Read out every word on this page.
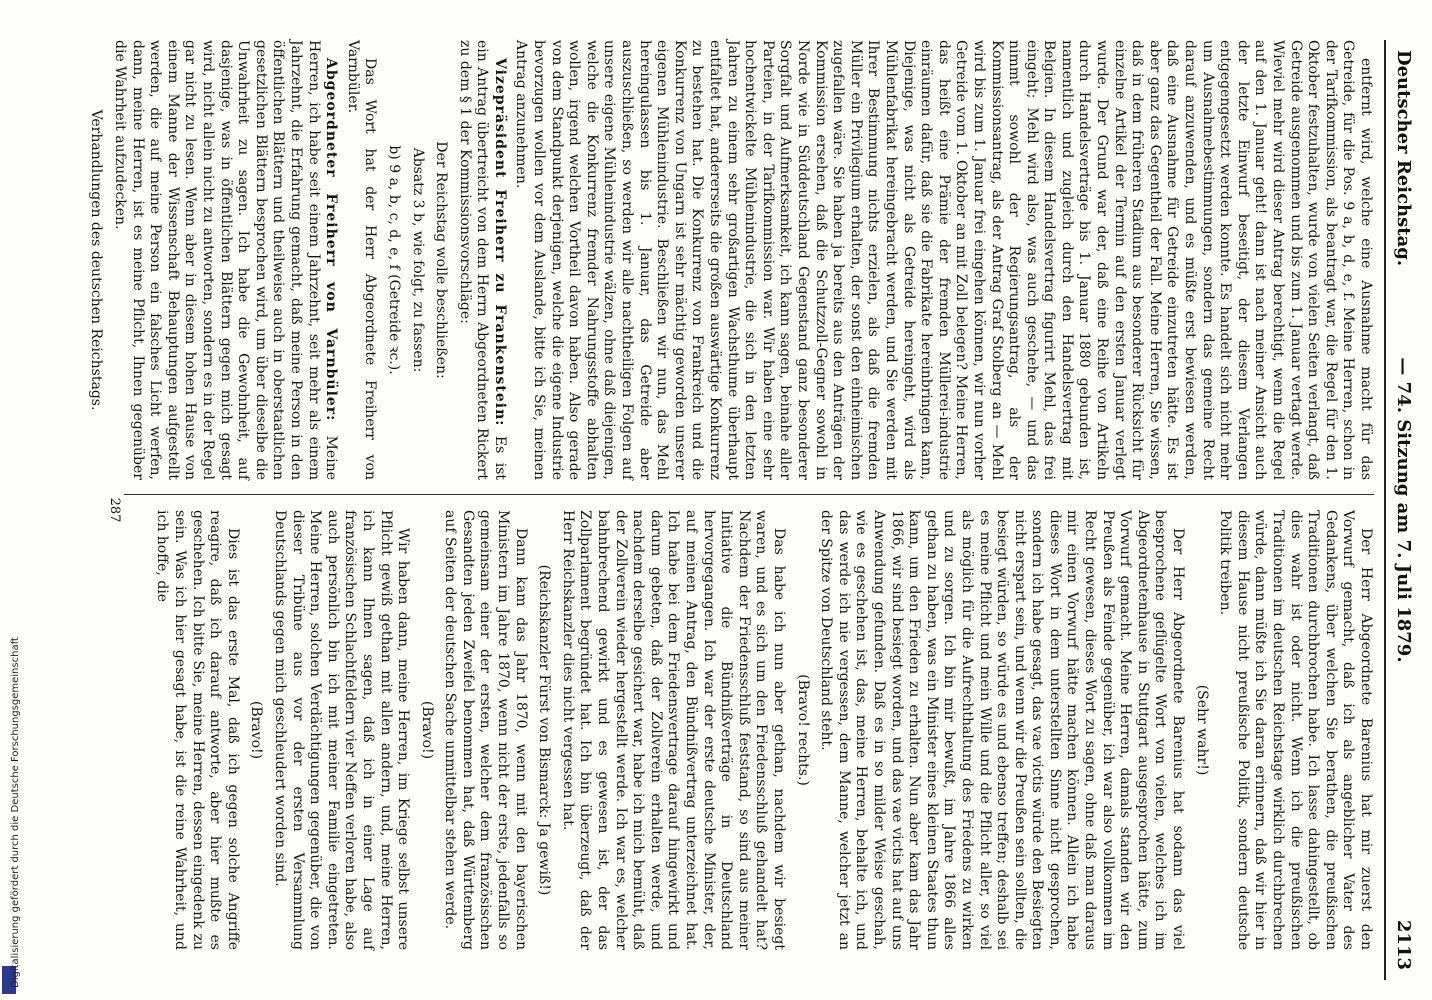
Deutscher Reichstag.
— 74. Sitzung am 7. Juli 1879.
2113

entfernt wird, welche eine Ausnahme macht für das Getreide, für die Pos. 9 a, b, d, e, f. Meine Herren, schon in der Tarifkommission, als beantragt war, die Regel für den 1. Oktober festzuhalten, wurde von vielen Seiten verlangt, daß Getreide ausgenommen und bis zum 1. Januar vertagt werde. Wieviel mehr wird dieser Antrag berechtigt, wenn die Regel auf den 1. Januar geht! dann ist nach meiner Ansicht auch der letzte Einwurf beseitigt, der diesem Verlangen entgegengesetzt werden konnte. Es handelt sich nicht mehr um Ausnahmebestimmungen, sondern das gemeine Recht darauf anzuwenden, und es müßte erst bewiesen werden, daß eine Ausnahme für Getreide einzutreten hätte. Es ist aber ganz das Gegentheil der Fall. Meine Herren, Sie wissen, daß in dem früheren Stadium aus besonderer Rücksicht für einzelne Artikel der Termin auf den ersten Januar verlegt wurde. Der Grund war der, daß eine Reihe von Artikeln durch Handelsverträge bis 1. Januar 1880 gebunden ist, namentlich und zugleich durch den Handelsvertrag mit Belgien. In diesem Handelsvertrag figurirt Mehl, das frei eingeht; Mehl wird also, was auch geschehe, — und das nimmt sowohl der Regierungsantrag, als der Kommissionsantrag, als der Antrag Graf Stolberg an — Mehl wird bis zum 1. Januar frei eingehen können, wir nun vorher Getreide vom 1. Oktober an mit Zoll belegen? Meine Herren, das heißt eine Prämie der fremden Müllerei-industrie einräumen dafür, daß sie die Fabrikate hereinbringen kann, Diejenige, was nicht als Getreide hereingeht, wird als Mühlenfabrikat hereingebracht werden, und Sie werden mit Ihrer Bestimmung nichts erzielen, als daß die fremden Müller ein Privilegium erhalten, der sonst den einheimischen zugefallen wäre. Sie haben ja bereits aus den Anträgen der Kommission ersehen, daß die Schutzzoll-Gegner sowohl in Norde wie in Süddeutschland Gegenstand ganz besonderer Sorgfalt und Aufmerksamkeit, ich kann sagen, beinahe aller Parteien, in der Tarifkommission war. Wir haben eine sehr hochentwickelte Mühlenindustrie, die sich in den letzten Jahren zu einem sehr großartigen Wachsthume überhaupt entfaltet hat, andererseits die großen auswärtige Konkurrenz zu bestehen hat. Die Konkurrenz von Frankreich und die Konkurrenz von Ungarn ist sehr mächtig geworden unserer eigenen Mühlenindustrie. Beschließen wir nun, das Mehl hereingulassen bis 1. Januar, das Getreide aber auszuschließen, so werden wir alle nachtheiligen Folgen auf unsere eigene Mühlenindustrie wälzen, ohne daß diejenigen, welche die Konkurrenz fremder Nahrungsstoffe abhalten wollen, irgend welchen Vortheil davon haben. Also gerade von dem Standpunkt derjenigen, welche die eigene Industrie bevorzugen wollen vor dem Auslande, bitte ich Sie, meinen Antrag anzunehmen.

Vizepräsident Freiherr zu Frankenstein: Es ist ein Antrag übertreicht von dem Herrn Abgeordneten Rickert zu dem § 1 der Kommissionsvorschläge:

Der Reichstag wolle beschließen:

Absatz 3 b, wie folgt, zu fassen:

b) 9 a, b, c, d, e, f (Getreide ꝛc.).

Das Wort hat der Herr Abgeordnete Freiherr von Varnbüler.

Abgeordneter Freiherr von Varnbüler: Meine Herren, ich habe seit einem Jahrzehnt, seit mehr als einem Jahrzehnt, die Erfahrung gemacht, daß meine Person in den öffentlichen Blättern und theilweise auch in oberstaatlichen gesetzlichen Blättern besprochen wird, um über dieselbe die Unwahrheit zu sagen. Ich habe die Gewohnheit, auf dasjenige, was in öffentlichen Blättern gegen mich gesagt wird, nicht allein nicht zu antworten, sondern es in der Regel gar nicht zu lesen. Wenn aber in diesem hohen Hause von einem Manne der Wissenschaft Behauptungen aufgestellt werden, die auf meine Person ein falsches Licht werfen, dann, meine Herren, ist es meine Pflicht, Ihnen gegenüber die Wahrheit aufzudecken.

Verhandlungen des deutschen Reichstags.

Der Herr Abgeordnete Barenius hat mir zuerst den Vorwurf gemacht, daß ich als angeblicher Vater des Gedankens, über welchen Sie berathen, die preußischen Traditionen durchbrochen habe. Ich lasse dahingestellt, ob dies wahr ist oder nicht. Wenn ich die preußischen Traditionen im deutschen Reichstage wirklich durchbrechen würde, dann müßte ich Sie daran erinnern, daß wir hier in diesem Hause nicht preußische Politik, sondern deutsche Politik treiben.

(Sehr wahr!)

Der Herr Abgeordnete Barenius hat sodann das viel besprochene geflügelte Wort von vielen, welches ich im Abgeordnetenhause in Stuttgart ausgesprochen hätte, zum Vorwurf gemacht. Meine Herren, damals standen wir den Preußen als Feinde gegenüber, ich war also vollkommen im Recht gewesen, dieses Wort zu sagen, ohne daß man daraus mir einen Vorwurf hätte machen können. Allein ich habe dieses Wort in dem unterstellten Sinne nicht gesprochen, sondern ich habe gesagt, das vae victis würde den Besiegten nicht erspart sein, und wenn wir die Preußen sein sollten, die besiegt würden, so würde es und ebenso treffen; deshalb sei es meine Pflicht und mein Wille und die Pflicht aller, so viel als möglich für die Aufrechthaltung des Friedens zu wirken und zu sorgen. Ich bin mir bewußt, im Jahre 1866 alles gethan zu haben, was ein Minister eines kleinen Staates thun kann, um den Frieden zu erhalten. Nun aber kam das Jahr 1866, wir sind besiegt worden, und das vae victis hat auf uns Anwendung gefunden. Daß es in so milder Weise geschah, wie es geschehen ist, das, meine Herren, behalte ich, und das werde ich nie vergessen, dem Manne, welcher jetzt an der Spitze von Deutschland steht.

(Bravo! rechts.)

Das habe ich nun aber gethan, nachdem wir besiegt waren, und es sich um den Friedensschluß gehandelt hat? Nachdem der Friedensschluß feststand, so sind aus meiner Initiative die Bündnißverträge in Deutschland hervorgegangen. Ich war der erste deutsche Minister, der, auf meinen Antrag, den Bündnißvertrag unterzeichnet hat. Ich habe bei dem Friedensvertrage darauf hingewirkt und darum gebeten, daß der Zollverein erhalten werde, und nachdem derselbe gesichert war, habe ich mich bemüht, daß der Zollverein wieder hergestellt werde. Ich war es, welcher bahnbrechend gewirkt und es gewesen ist, der das Zollparlament begründet hat. Ich bin überzeugt, daß der Herr Reichskanzler dies nicht vergessen hat.

(Reichskanzler Fürst von Bismarck: Ja gewiß!)

Dann kam das Jahr 1870, wenn mit den bayerischen Ministern im Jahre 1870, wenn nicht der erste, jedenfalls so gemeinsam einer der ersten, welcher dem französischen Gesandten jeden Zweifel benommen hat, daß Württemberg auf Seiten der deutschen Sache unmittelbar stehen werde.

(Bravo!)

Wir haben dann, meine Herren, im Kriege selbst unsere Pflicht gewiß gethan mit allen andern, und, meine Herren, ich kann Ihnen sagen, daß ich in einer Lage auf französischen Schlachtfeldern vier Neffen verloren habe, also auch persönlich bin ich mit meiner Familie eingetreten. Meine Herren, solchen Verdächtigungen gegenüber, die von dieser Tribüne aus vor der ersten Versammlung Deutschlands gegen mich geschleudert worden sind.

(Bravo!)

Dies ist das erste Mal, daß ich gegen solche Angriffe reagire, daß ich darauf antworte, aber hier mußte es geschehen. Ich bitte Sie, meine Herren, dessen eingedenk zu sein. Was ich hier gesagt habe, ist die reine Wahrheit, und ich hoffe, die

287
Digitalisierung gefördert durch die Deutsche Forschungsgemeinschaft
